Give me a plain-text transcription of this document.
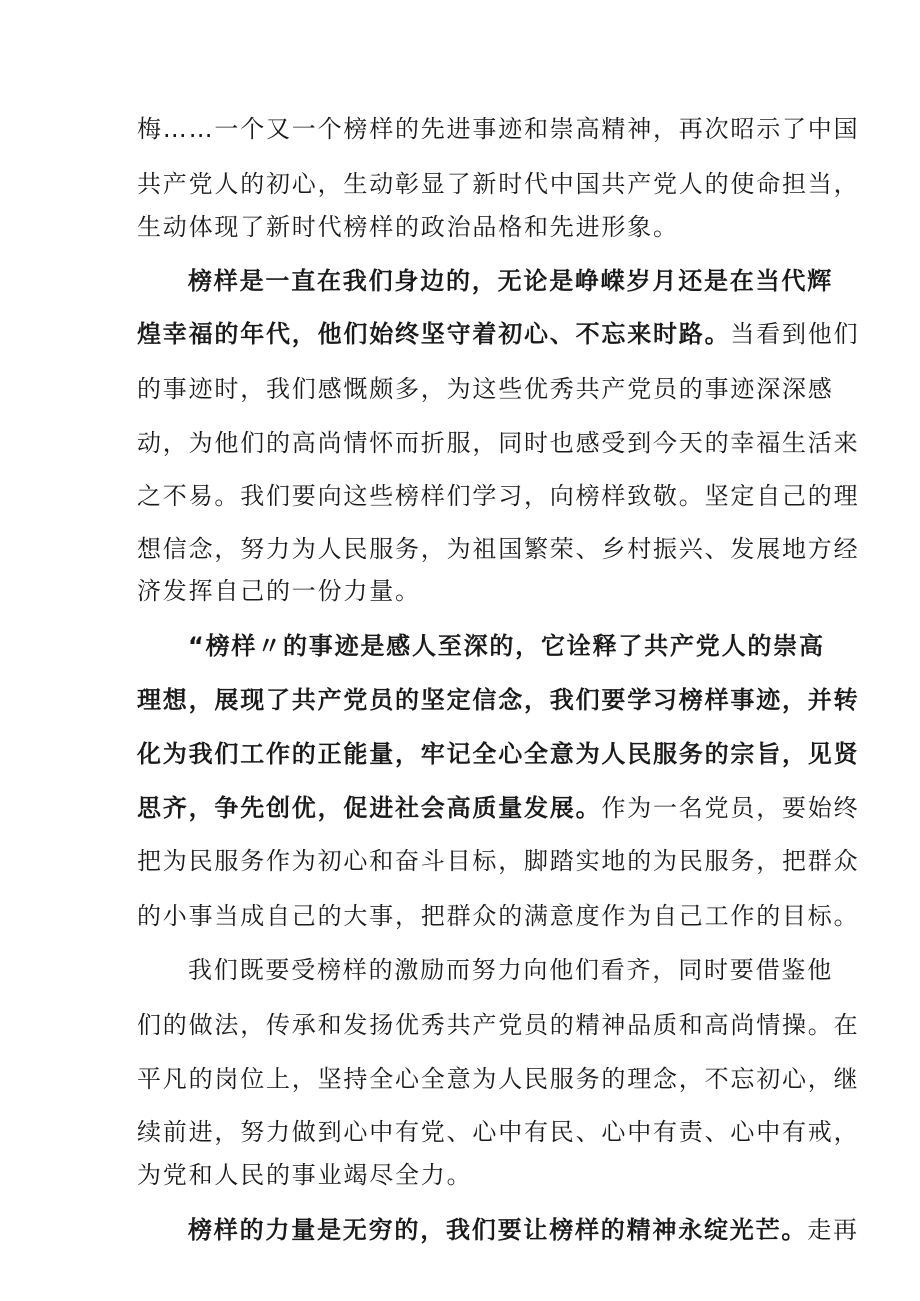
梅……一个又一个榜样的先进事迹和崇高精神，再次昭示了中国
共产党人的初心，生动彰显了新时代中国共产党人的使命担当，
生动体现了新时代榜样的政治品格和先进形象。
榜样是一直在我们身边的，无论是峥嵘岁月还是在当代辉
煌幸福的年代，他们始终坚守着初心、不忘来时路。当看到他们
的事迹时，我们感慨颇多，为这些优秀共产党员的事迹深深感
动，为他们的高尚情怀而折服，同时也感受到今天的幸福生活来
之不易。我们要向这些榜样们学习，向榜样致敬。坚定自己的理
想信念，努力为人民服务，为祖国繁荣、乡村振兴、发展地方经
济发挥自己的一份力量。
“榜样〃的事迹是感人至深的，它诠释了共产党人的崇高
理想，展现了共产党员的坚定信念，我们要学习榜样事迹，并转
化为我们工作的正能量，牢记全心全意为人民服务的宗旨，见贤
思齐，争先创优，促进社会高质量发展。作为一名党员，要始终
把为民服务作为初心和奋斗目标，脚踏实地的为民服务，把群众
的小事当成自己的大事，把群众的满意度作为自己工作的目标。
我们既要受榜样的激励而努力向他们看齐，同时要借鉴他
们的做法，传承和发扬优秀共产党员的精神品质和高尚情操。在
平凡的岗位上，坚持全心全意为人民服务的理念，不忘初心，继
续前进，努力做到心中有党、心中有民、心中有责、心中有戒，
为党和人民的事业竭尽全力。
榜样的力量是无穷的，我们要让榜样的精神永绽光芒。走再
